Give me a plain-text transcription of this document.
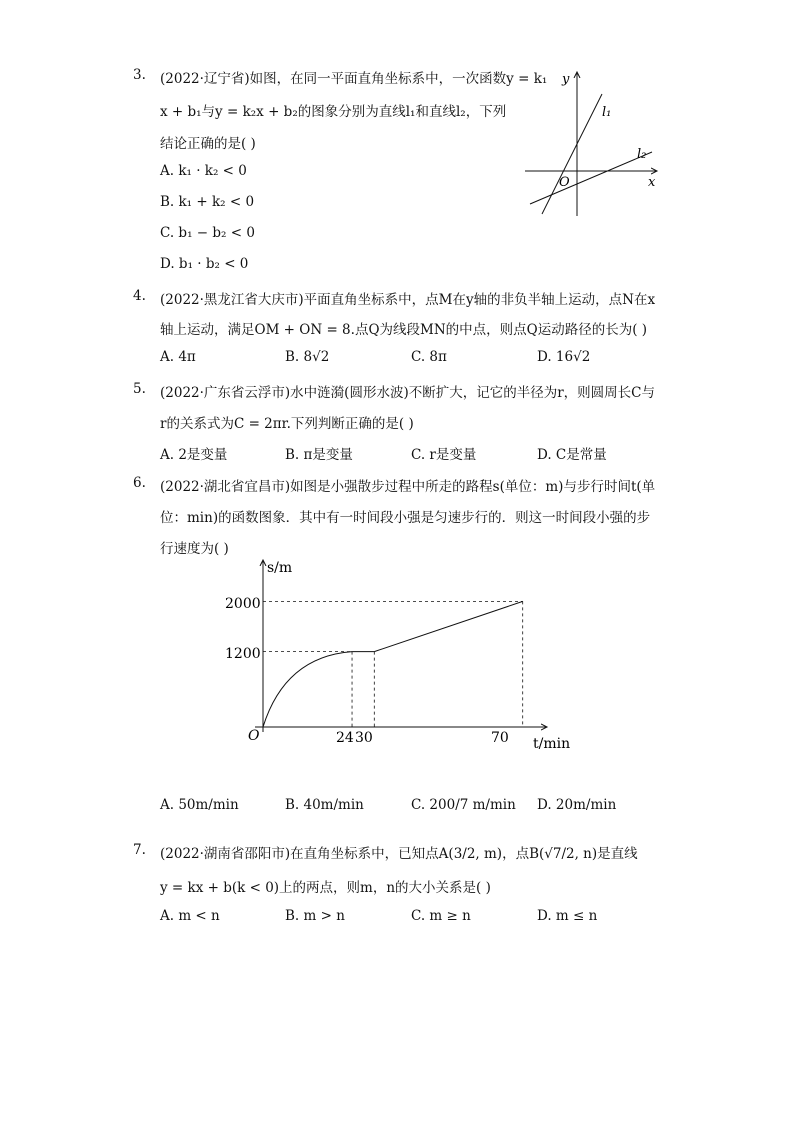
3. (2022·辽宁省)如图，在同一平面直角坐标系中，一次函数y = k₁
x + b₁与y = k₂x + b₂的图象分别为直线l₁和直线l₂，下列
结论正确的是( )
A. k₁ · k₂ < 0
B. k₁ + k₂ < 0
C. b₁ − b₂ < 0
D. b₁ · b₂ < 0
y
x
O
l₁
l₂
4. (2022·黑龙江省大庆市)平面直角坐标系中，点M在y轴的非负半轴上运动，点N在x
轴上运动，满足OM + ON = 8.点Q为线段MN的中点，则点Q运动路径的长为( )
A. 4π	B. 8√2	C. 8π	D. 16√2
5. (2022·广东省云浮市)水中涟漪(圆形水波)不断扩大，记它的半径为r，则圆周长C与
r的关系式为C = 2πr.下列判断正确的是( )
A. 2是变量	B. π是变量	C. r是变量	D. C是常量
6. (2022·湖北省宜昌市)如图是小强散步过程中所走的路程s(单位：m)与步行时间t(单
位：min)的函数图象．其中有一时间段小强是匀速步行的．则这一时间段小强的步
行速度为( )
s/m
t/min
O
2000
1200
24 30	70
A. 50m/min	B. 40m/min	C. 200/7 m/min D. 20m/min
7. (2022·湖南省邵阳市)在直角坐标系中，已知点A(3/2, m)，点B(√7/2, n)是直线
y = kx + b(k < 0)上的两点，则m，n的大小关系是( )
A. m < n	B. m > n	C. m ≥ n	D. m ≤ n
